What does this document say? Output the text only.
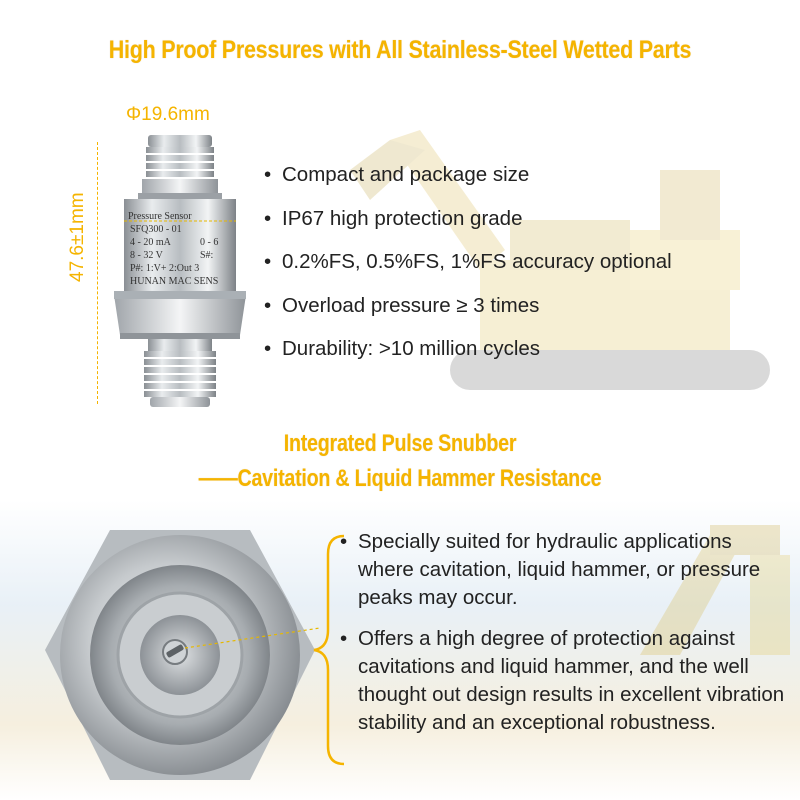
High Proof Pressures with All Stainless-Steel Wetted Parts
Φ19.6mm
47.6±1mm	Pressure Sensor
SFQ300 - 01
4 - 20 mA	0 - 6
8 - 32 V	S#:
P#: 1:V+ 2:Out 3
HUNAN MAC SENS
• Compact and package size
• IP67 high protection grade
• 0.2%FS, 0.5%FS, 1%FS accuracy optional
• Overload pressure ≥ 3 times
• Durability: >10 million cycles
Integrated Pulse Snubber
——Cavitation & Liquid Hammer Resistance
• Specially suited for hydraulic applications where cavitation, liquid hammer, or pressure peaks may occur.
• Offers a high degree of protection against cavitations and liquid hammer, and the well thought out design results in excellent vibration stability and an exceptional robustness.
